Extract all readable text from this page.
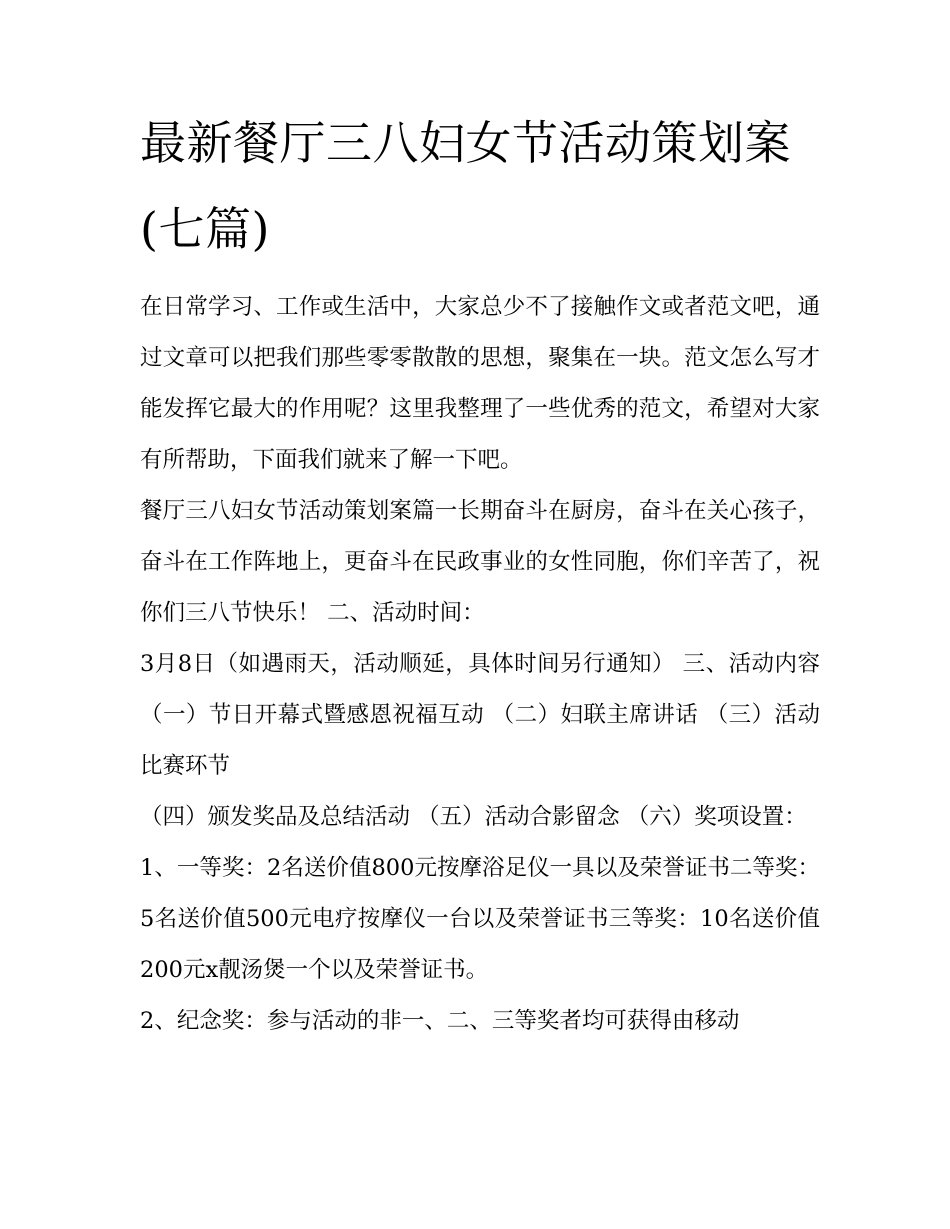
最新餐厅三八妇女节活动策划案(七篇)

在日常学习、工作或生活中，大家总少不了接触作文或者范文吧，通过文章可以把我们那些零零散散的思想，聚集在一块。范文怎么写才能发挥它最大的作用呢？这里我整理了一些优秀的范文，希望对大家有所帮助，下面我们就来了解一下吧。

餐厅三八妇女节活动策划案篇一长期奋斗在厨房，奋斗在关心孩子，奋斗在工作阵地上，更奋斗在民政事业的女性同胞，你们辛苦了，祝你们三八节快乐！ 二、活动时间：

3月8日（如遇雨天，活动顺延，具体时间另行通知） 三、活动内容 （一）节日开幕式暨感恩祝福互动 （二）妇联主席讲话 （三）活动比赛环节

（四）颁发奖品及总结活动 （五）活动合影留念 （六）奖项设置：

1、一等奖：2名送价值800元按摩浴足仪一具以及荣誉证书二等奖：5名送价值500元电疗按摩仪一台以及荣誉证书三等奖：10名送价值200元x靓汤煲一个以及荣誉证书。

2、纪念奖：参与活动的非一、二、三等奖者均可获得由移动
